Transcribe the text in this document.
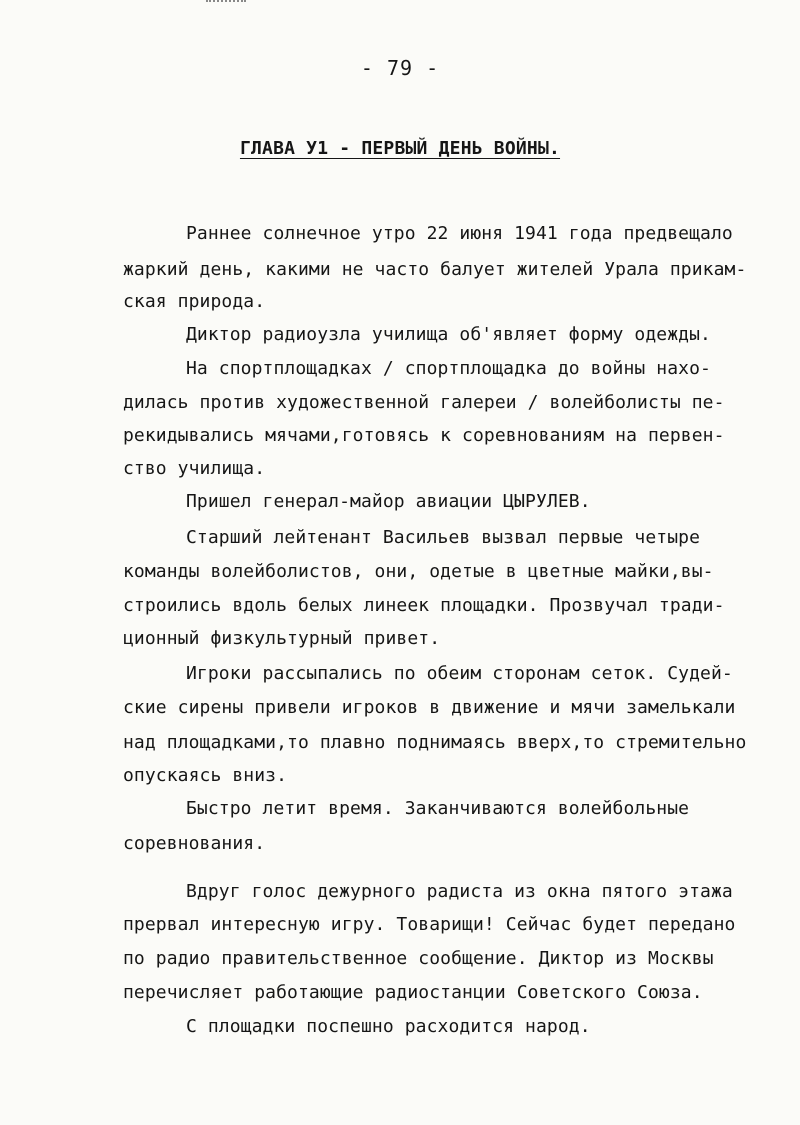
- 79 -
ГЛАВА У1 - ПЕРВЫЙ ДЕНЬ ВОЙНЫ.
Раннее солнечное утро 22 июня 1941 года предвещало
жаркий день, какими не часто балует жителей Урала прикам-
ская природа.
Диктор радиоузла училища об'являет форму одежды.
На спортплощадках / спортплощадка до войны нахо-
дилась против художественной галереи / волейболисты пе-
рекидывались мячами,готовясь к соревнованиям на первен-
ство училища.
Пришел генерал-майор авиации ЦЫРУЛЕВ.
Старший лейтенант Васильев вызвал первые четыре
команды волейболистов, они, одетые в цветные майки,вы-
строились вдоль белых линеек площадки. Прозвучал тради-
ционный физкультурный привет.
Игроки рассыпались по обеим сторонам сеток. Судей-
ские сирены привели игроков в движение и мячи замелькали
над площадками,то плавно поднимаясь вверх,то стремительно
опускаясь вниз.
Быстро летит время. Заканчиваются волейбольные
соревнования.
Вдруг голос дежурного радиста из окна пятого этажа
прервал интересную игру. Товарищи! Сейчас будет передано
по радио правительственное сообщение. Диктор из Москвы
перечисляет работающие радиостанции Советского Союза.
С площадки поспешно расходится народ.
